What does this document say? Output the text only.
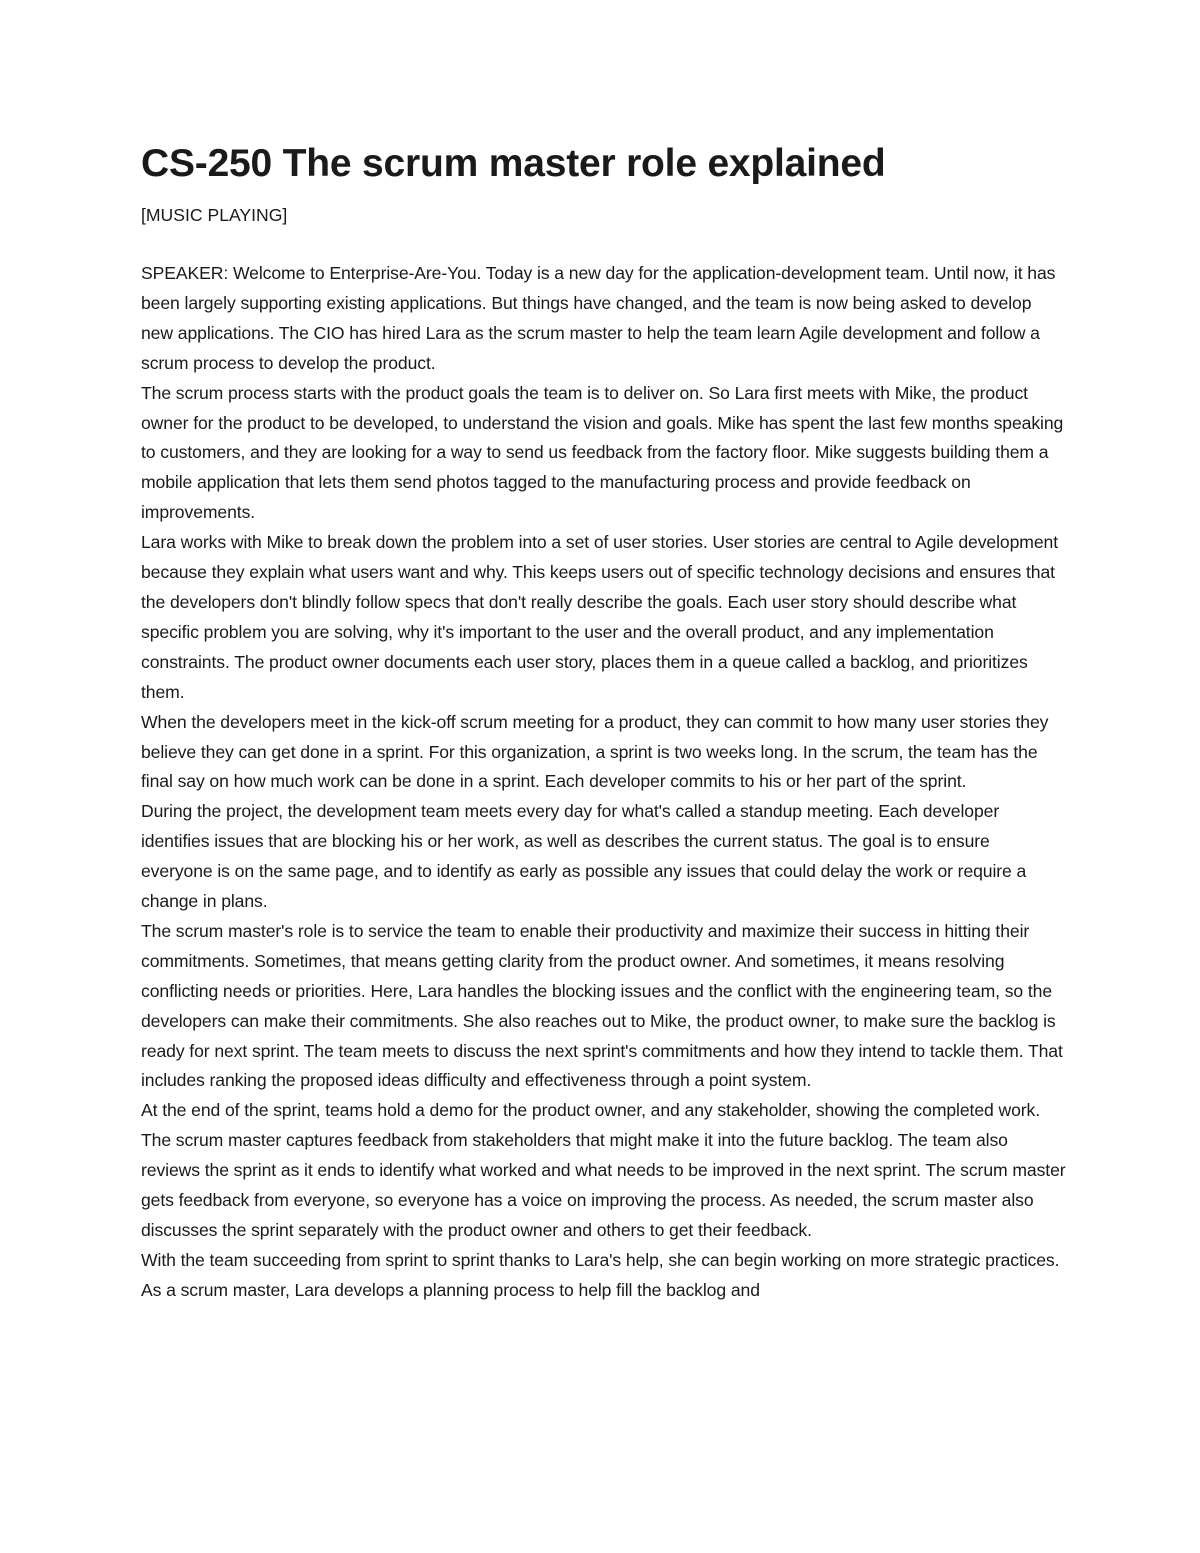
CS-250 The scrum master role explained

[MUSIC PLAYING]

SPEAKER: Welcome to Enterprise-Are-You. Today is a new day for the application-development team. Until now, it has been largely supporting existing applications. But things have changed, and the team is now being asked to develop new applications. The CIO has hired Lara as the scrum master to help the team learn Agile development and follow a scrum process to develop the product.

The scrum process starts with the product goals the team is to deliver on. So Lara first meets with Mike, the product owner for the product to be developed, to understand the vision and goals. Mike has spent the last few months speaking to customers, and they are looking for a way to send us feedback from the factory floor. Mike suggests building them a mobile application that lets them send photos tagged to the manufacturing process and provide feedback on improvements.

Lara works with Mike to break down the problem into a set of user stories. User stories are central to Agile development because they explain what users want and why. This keeps users out of specific technology decisions and ensures that the developers don't blindly follow specs that don't really describe the goals. Each user story should describe what specific problem you are solving, why it's important to the user and the overall product, and any implementation constraints. The product owner documents each user story, places them in a queue called a backlog, and prioritizes them.

When the developers meet in the kick-off scrum meeting for a product, they can commit to how many user stories they believe they can get done in a sprint. For this organization, a sprint is two weeks long. In the scrum, the team has the final say on how much work can be done in a sprint. Each developer commits to his or her part of the sprint.

During the project, the development team meets every day for what's called a standup meeting. Each developer identifies issues that are blocking his or her work, as well as describes the current status. The goal is to ensure everyone is on the same page, and to identify as early as possible any issues that could delay the work or require a change in plans.

The scrum master's role is to service the team to enable their productivity and maximize their success in hitting their commitments. Sometimes, that means getting clarity from the product owner. And sometimes, it means resolving conflicting needs or priorities. Here, Lara handles the blocking issues and the conflict with the engineering team, so the developers can make their commitments. She also reaches out to Mike, the product owner, to make sure the backlog is ready for next sprint. The team meets to discuss the next sprint's commitments and how they intend to tackle them. That includes ranking the proposed ideas difficulty and effectiveness through a point system.

At the end of the sprint, teams hold a demo for the product owner, and any stakeholder, showing the completed work. The scrum master captures feedback from stakeholders that might make it into the future backlog. The team also reviews the sprint as it ends to identify what worked and what needs to be improved in the next sprint. The scrum master gets feedback from everyone, so everyone has a voice on improving the process. As needed, the scrum master also discusses the sprint separately with the product owner and others to get their feedback.

With the team succeeding from sprint to sprint thanks to Lara's help, she can begin working on more strategic practices. As a scrum master, Lara develops a planning process to help fill the backlog and
